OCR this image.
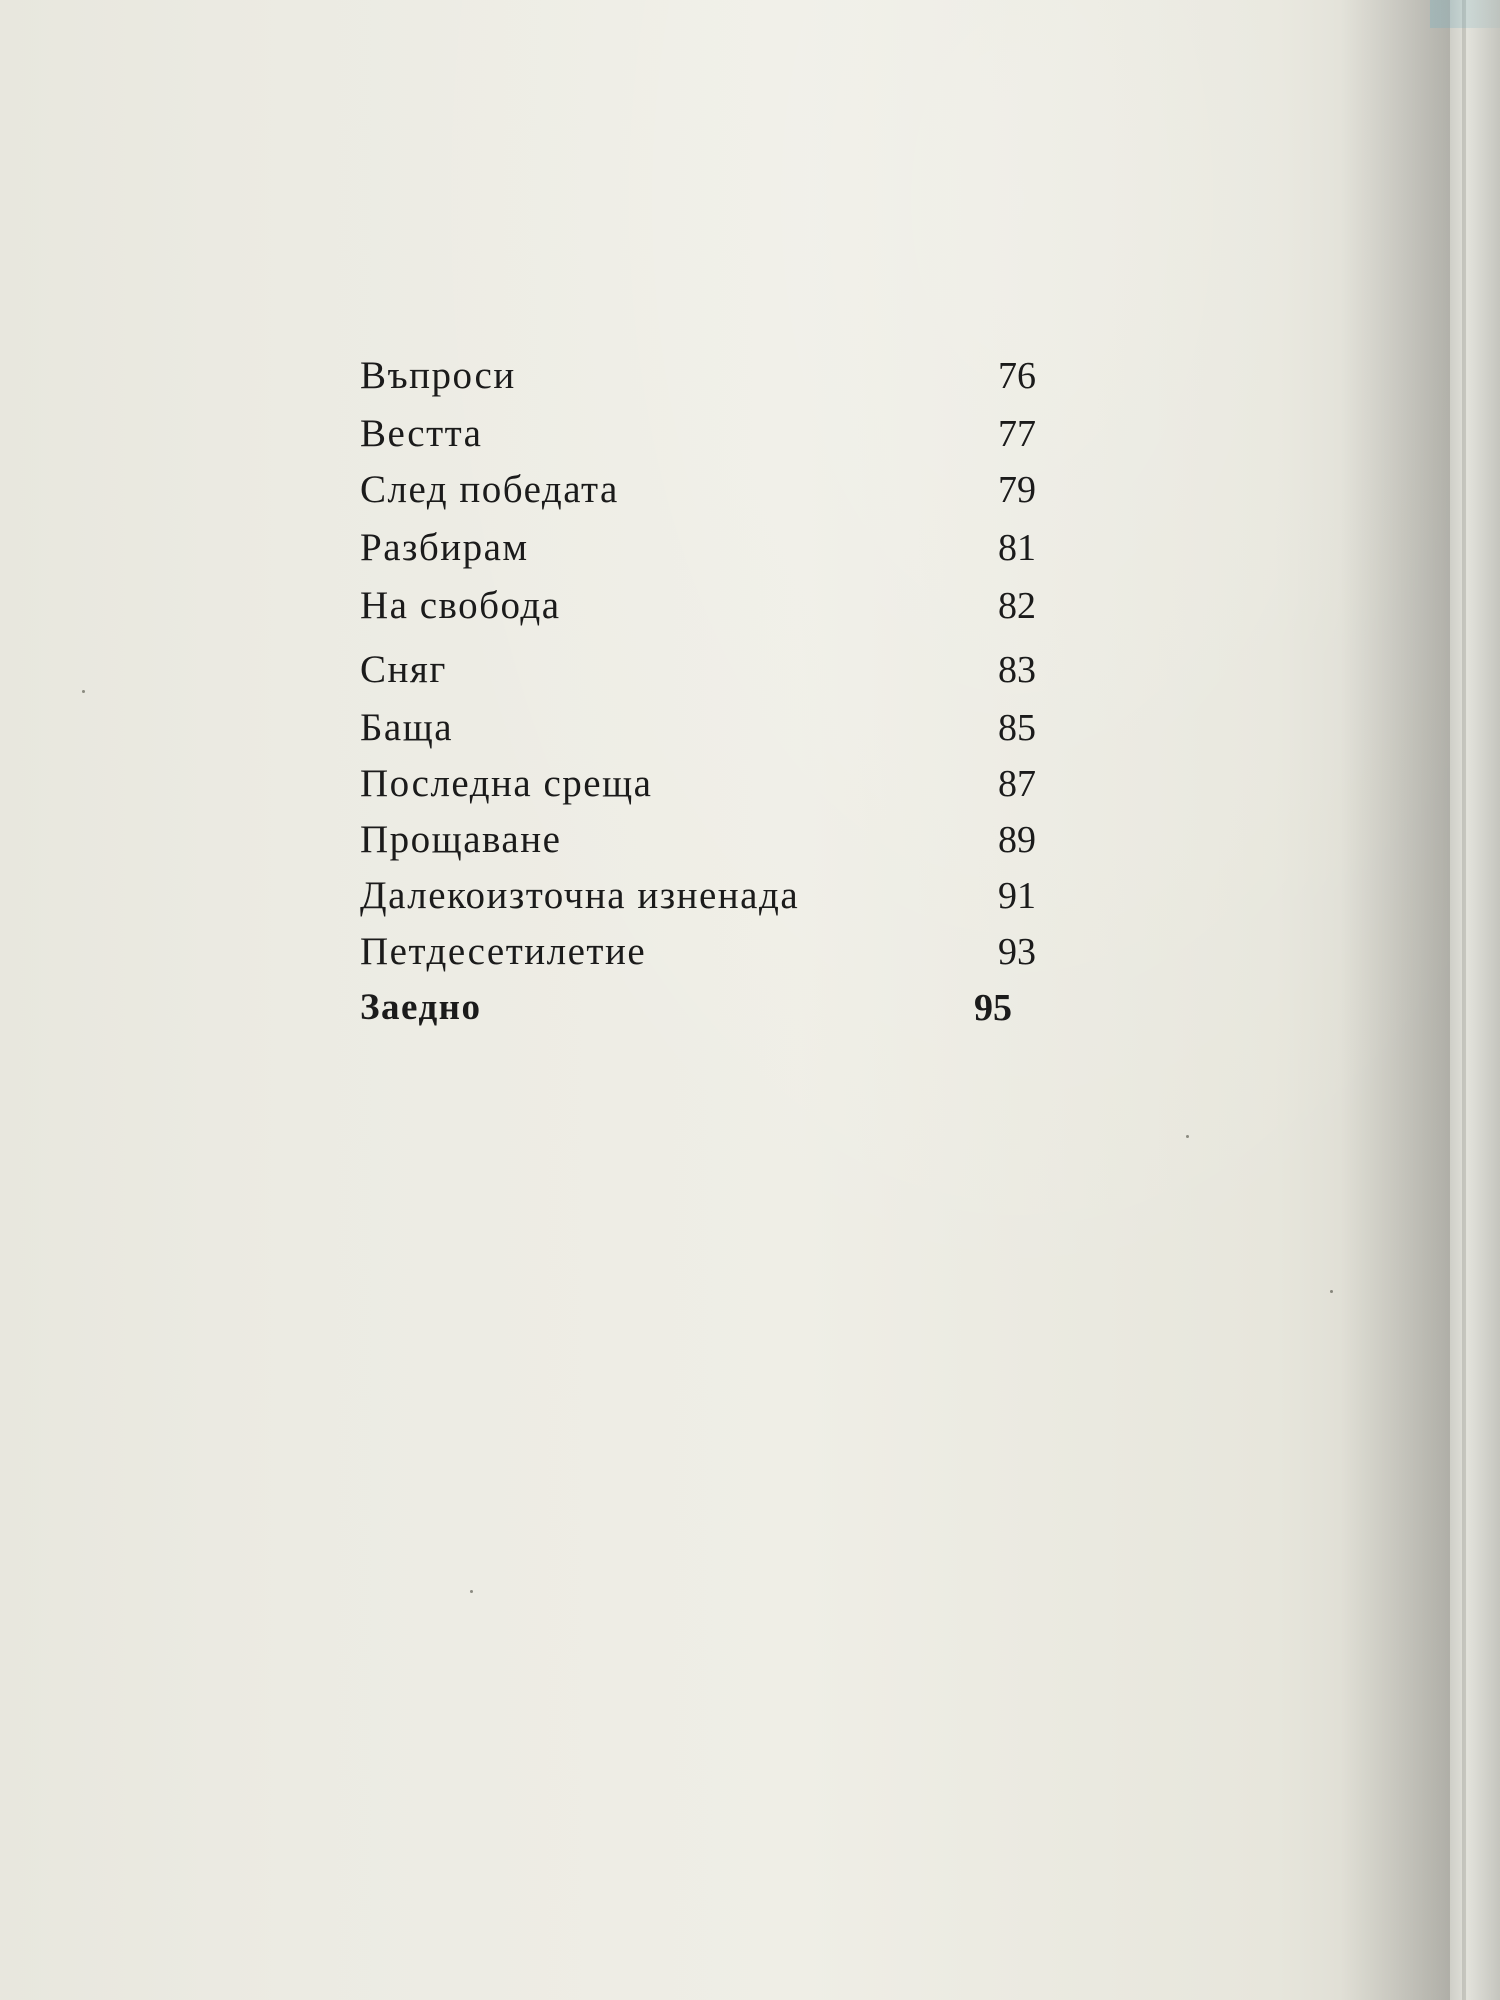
Въпроси	76
Вестта	77
След победата	79
Разбирам	81
На свобода	82
Сняг	83
Баща	85
Последна среща	87
Прощаване	89
Далекоизточна изненада	91
Петдесетилетие	93
Заедно	95
